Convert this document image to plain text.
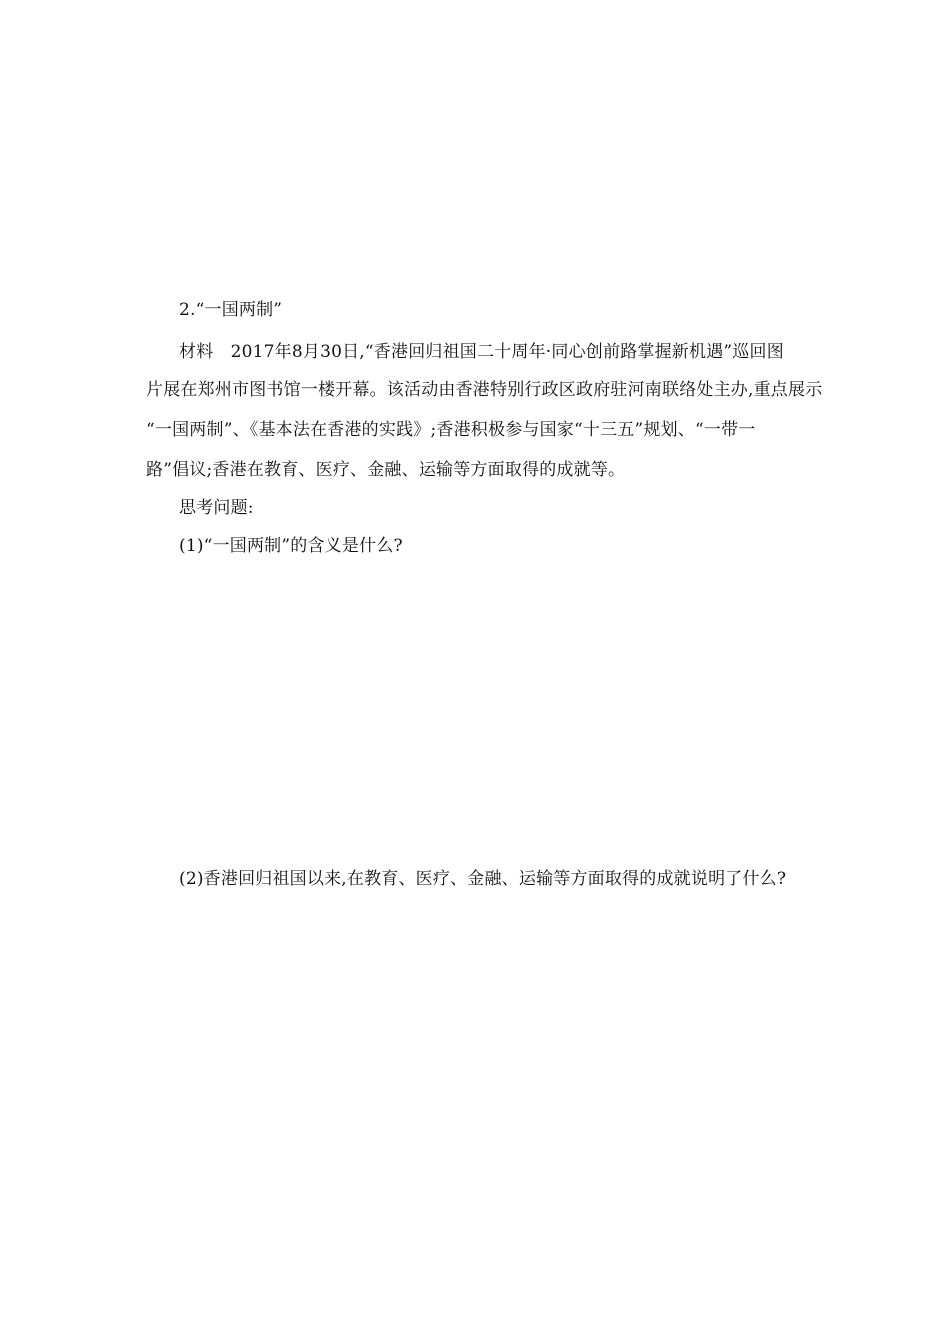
2.“一国两制”
材料　2017年8月30日,“香港回归祖国二十周年·同心创前路掌握新机遇”巡回图
片展在郑州市图书馆一楼开幕。该活动由香港特别行政区政府驻河南联络处主办,重点展示
“一国两制”、《基本法在香港的实践》;香港积极参与国家“十三五”规划、“一带一
路”倡议;香港在教育、医疗、金融、运输等方面取得的成就等。
思考问题:
(1)“一国两制”的含义是什么?
(2)香港回归祖国以来,在教育、医疗、金融、运输等方面取得的成就说明了什么?
